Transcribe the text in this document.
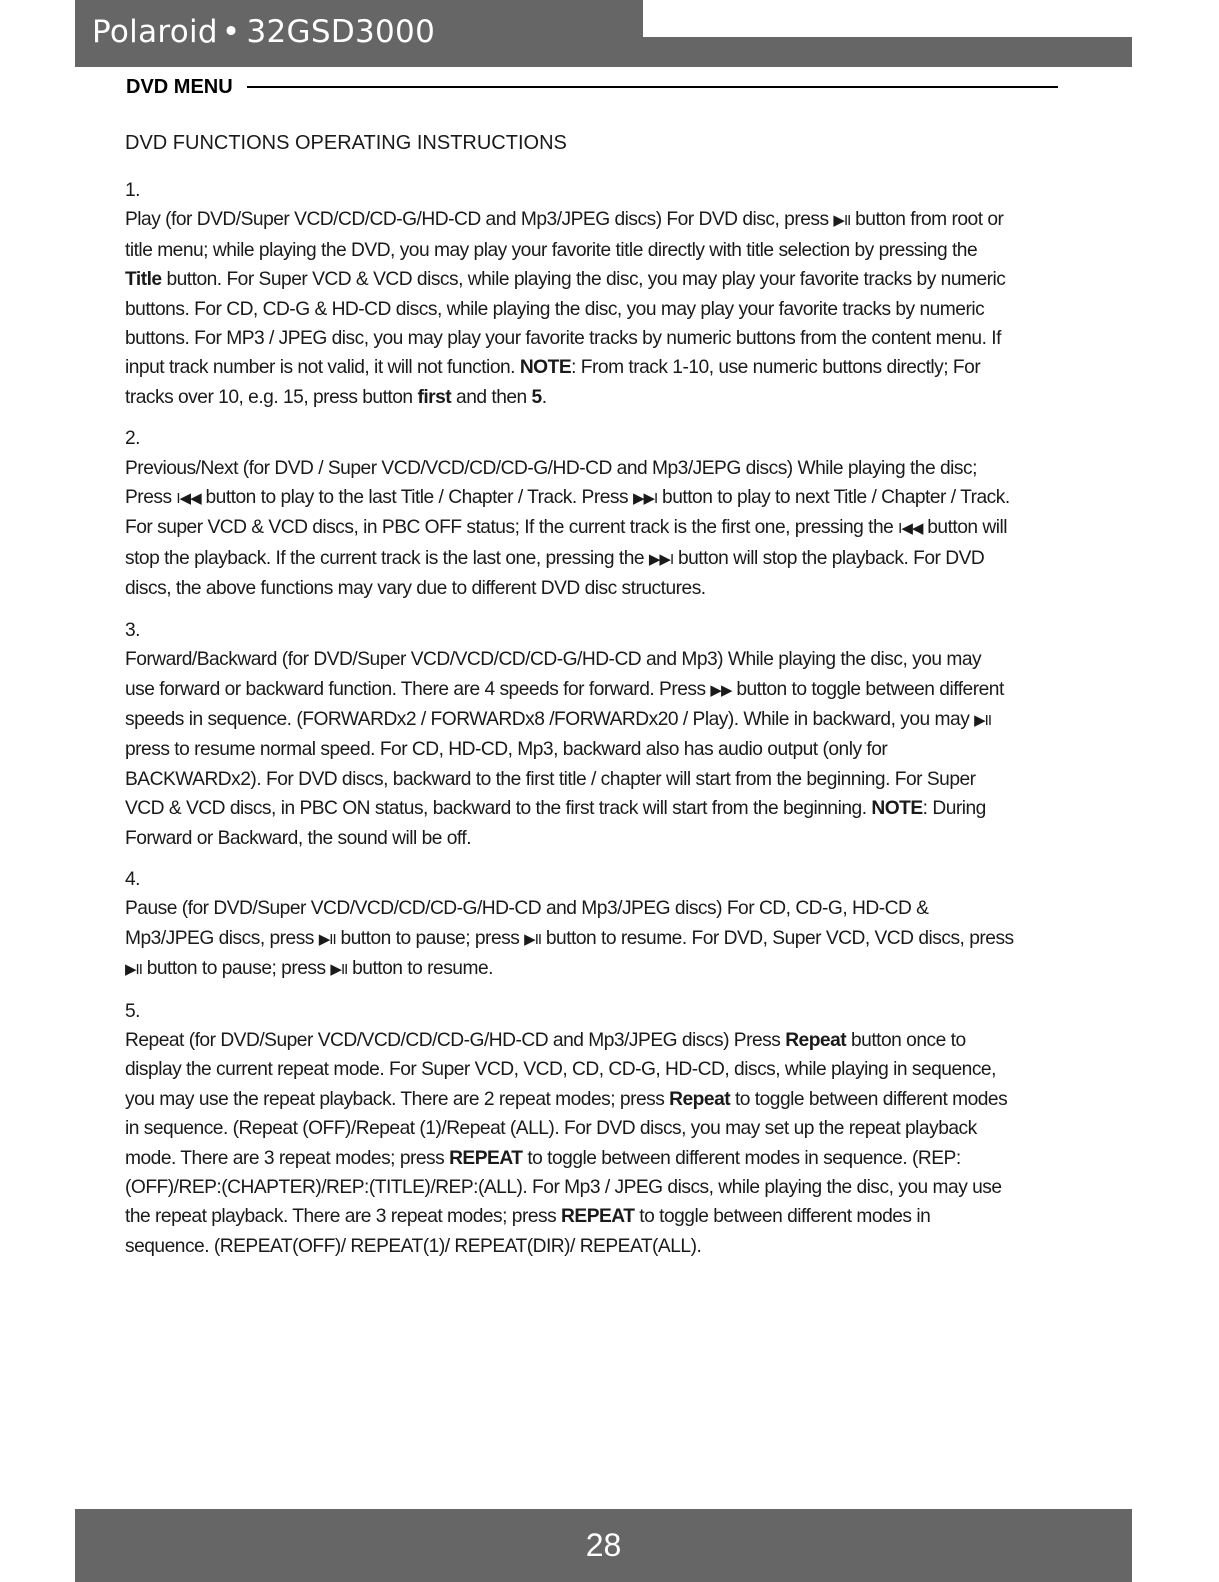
Polaroid • 32GSD3000
DVD MENU
DVD FUNCTIONS OPERATING INSTRUCTIONS
1.

Play (for DVD/Super VCD/CD/CD-G/HD-CD and Mp3/JPEG discs) For DVD disc, press ▶II button from root or title menu; while playing the DVD, you may play your favorite title directly with title selection by pressing the Title button. For Super VCD & VCD discs, while playing the disc, you may play your favorite tracks by numeric buttons. For CD, CD-G & HD-CD discs, while playing the disc, you may play your favorite tracks by numeric buttons. For MP3 / JPEG disc, you may play your favorite tracks by numeric buttons from the content menu. If input track number is not valid, it will not function. NOTE: From track 1-10, use numeric buttons directly; For tracks over 10, e.g. 15, press button first and then 5.

2.

Previous/Next (for DVD / Super VCD/VCD/CD/CD-G/HD-CD and Mp3/JEPG discs) While playing the disc; Press I◀◀ button to play to the last Title / Chapter / Track. Press ▶▶I button to play to next Title / Chapter / Track. For super VCD & VCD discs, in PBC OFF status; If the current track is the first one, pressing the I◀◀ button will stop the playback. If the current track is the last one, pressing the ▶▶I button will stop the playback. For DVD discs, the above functions may vary due to different DVD disc structures.

3.

Forward/Backward (for DVD/Super VCD/VCD/CD/CD-G/HD-CD and Mp3) While playing the disc, you may use forward or backward function. There are 4 speeds for forward. Press ▶▶ button to toggle between different speeds in sequence. (FORWARDx2 / FORWARDx8 /FORWARDx20 / Play). While in backward, you may ▶II press to resume normal speed. For CD, HD-CD, Mp3, backward also has audio output (only for BACKWARDx2). For DVD discs, backward to the first title / chapter will start from the beginning. For Super VCD & VCD discs, in PBC ON status, backward to the first track will start from the beginning. NOTE: During Forward or Backward, the sound will be off.

4.

Pause (for DVD/Super VCD/VCD/CD/CD-G/HD-CD and Mp3/JPEG discs) For CD, CD-G, HD-CD & Mp3/JPEG discs, press ▶II button to pause; press ▶II button to resume. For DVD, Super VCD, VCD discs, press ▶II button to pause; press ▶II button to resume.

5.

Repeat (for DVD/Super VCD/VCD/CD/CD-G/HD-CD and Mp3/JPEG discs) Press Repeat button once to display the current repeat mode. For Super VCD, VCD, CD, CD-G, HD-CD, discs, while playing in sequence, you may use the repeat playback. There are 2 repeat modes; press Repeat to toggle between different modes in sequence. (Repeat (OFF)/Repeat (1)/Repeat (ALL). For DVD discs, you may set up the repeat playback mode. There are 3 repeat modes; press REPEAT to toggle between different modes in sequence. (REP: (OFF)/REP:(CHAPTER)/REP:(TITLE)/REP:(ALL). For Mp3 / JPEG discs, while playing the disc, you may use the repeat playback. There are 3 repeat modes; press REPEAT to toggle between different modes in sequence. (REPEAT(OFF)/ REPEAT(1)/ REPEAT(DIR)/ REPEAT(ALL).

28
